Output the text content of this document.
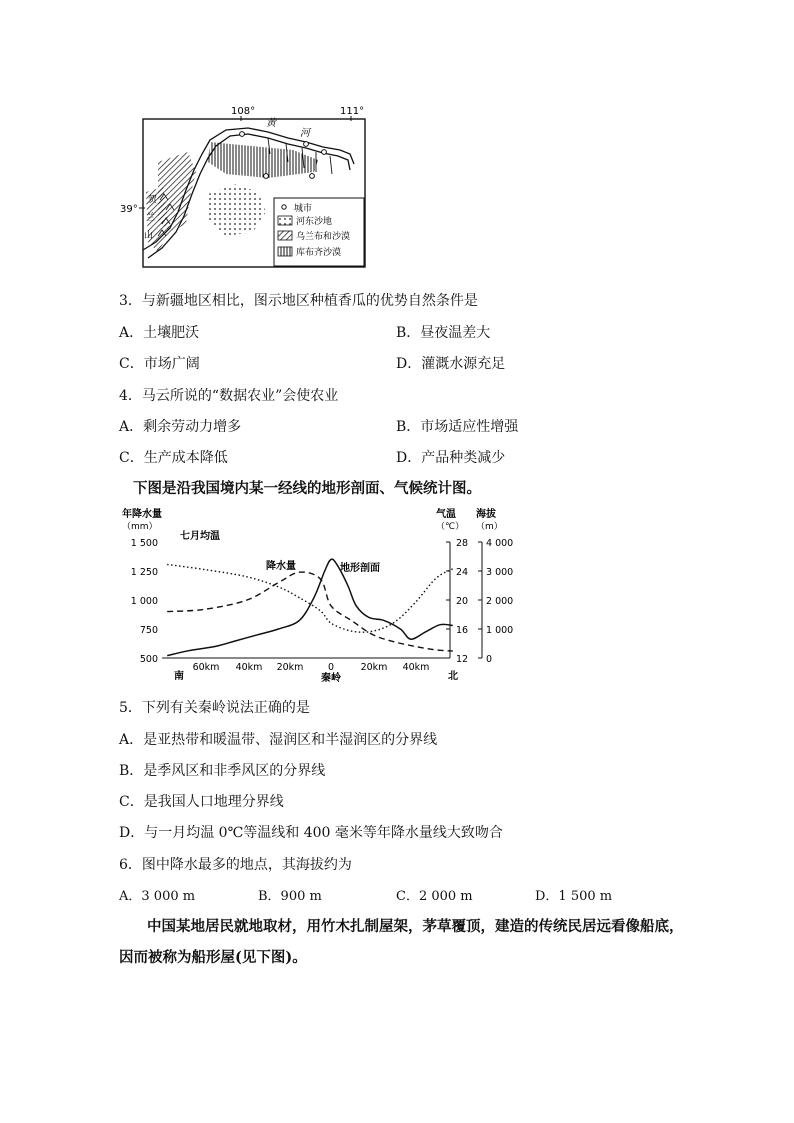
108°	111°
39°
黄
河
贺
兰
山
城市
河东沙地
乌兰布和沙漠
库布齐沙漠
3．与新疆地区相比，图示地区种植香瓜的优势自然条件是
A．土壤肥沃	B．昼夜温差大
C．市场广阔	D．灌溉水源充足
4．马云所说的“数据农业”会使农业
A．剩余劳动力增多	B．市场适应性增强
C．生产成本降低	D．产品种类减少
下图是沿我国境内某一经线的地形剖面、气候统计图。
年降水量
（mm）
气温
（℃）
海拔
（m）
1 500
1 250
1 000
750
500
28
24
20
16
12
4 000
3 000
2 000
1 000
0
60km 40km 20km	0	20km 40km
南	秦岭	北
七月均温
降水量	地形剖面
5．下列有关秦岭说法正确的是
A．是亚热带和暖温带、湿润区和半湿润区的分界线
B．是季风区和非季风区的分界线
C．是我国人口地理分界线
D．与一月均温 0℃等温线和 400 毫米等年降水量线大致吻合
6．图中降水最多的地点，其海拔约为
A．3 000 m	B．900 m	C．2 000 m	D．1 500 m
中国某地居民就地取材，用竹木扎制屋架，茅草覆顶，建造的传统民居远看像船底，
因而被称为船形屋(见下图)。
